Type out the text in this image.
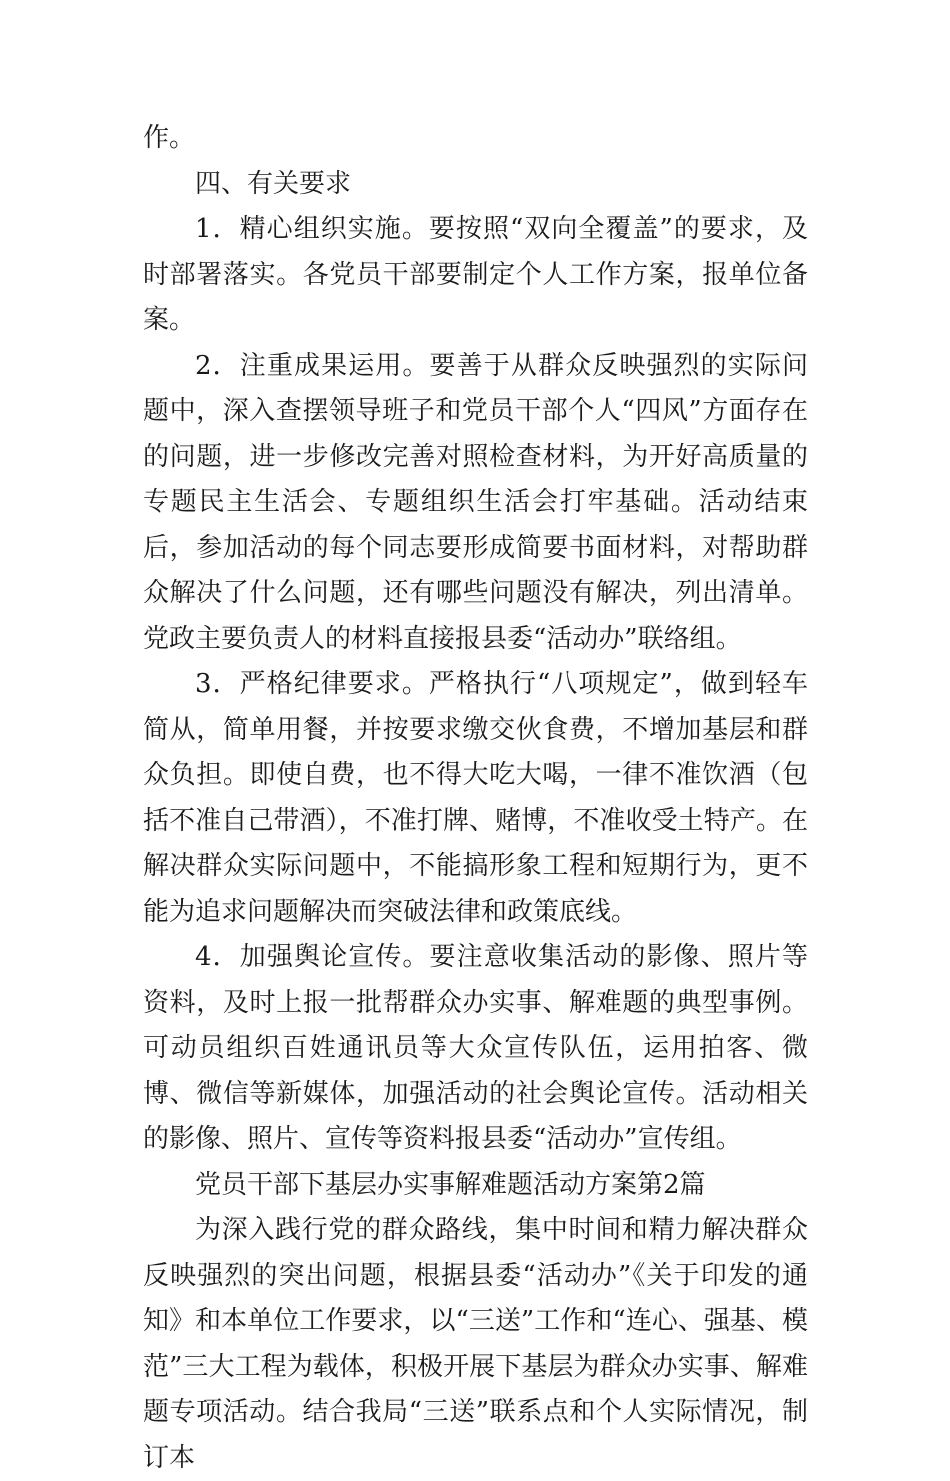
作。

四、有关要求

1．精心组织实施。要按照“双向全覆盖”的要求，及时部署落实。各党员干部要制定个人工作方案，报单位备案。

2．注重成果运用。要善于从群众反映强烈的实际问题中，深入查摆领导班子和党员干部个人“四风”方面存在的问题，进一步修改完善对照检查材料，为开好高质量的专题民主生活会、专题组织生活会打牢基础。活动结束后，参加活动的每个同志要形成简要书面材料，对帮助群众解决了什么问题，还有哪些问题没有解决，列出清单。党政主要负责人的材料直接报县委“活动办”联络组。

3．严格纪律要求。严格执行“八项规定”，做到轻车简从，简单用餐，并按要求缴交伙食费，不增加基层和群众负担。即使自费，也不得大吃大喝，一律不准饮酒（包括不准自己带酒），不准打牌、赌博，不准收受土特产。在解决群众实际问题中，不能搞形象工程和短期行为，更不能为追求问题解决而突破法律和政策底线。

4．加强舆论宣传。要注意收集活动的影像、照片等资料，及时上报一批帮群众办实事、解难题的典型事例。可动员组织百姓通讯员等大众宣传队伍，运用拍客、微博、微信等新媒体，加强活动的社会舆论宣传。活动相关的影像、照片、宣传等资料报县委“活动办”宣传组。

党员干部下基层办实事解难题活动方案第2篇

为深入践行党的群众路线，集中时间和精力解决群众反映强烈的突出问题，根据县委“活动办”《关于印发的通知》和本单位工作要求，以“三送”工作和“连心、强基、模范”三大工程为载体，积极开展下基层为群众办实事、解难题专项活动。结合我局“三送”联系点和个人实际情况，制订本
